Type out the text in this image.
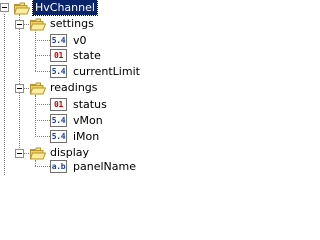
HvChannel
settings
5.4 v0
01 state
5.4 currentLimit
readings
01 status
5.4 vMon
5.4 iMon
display
a.b panelName
